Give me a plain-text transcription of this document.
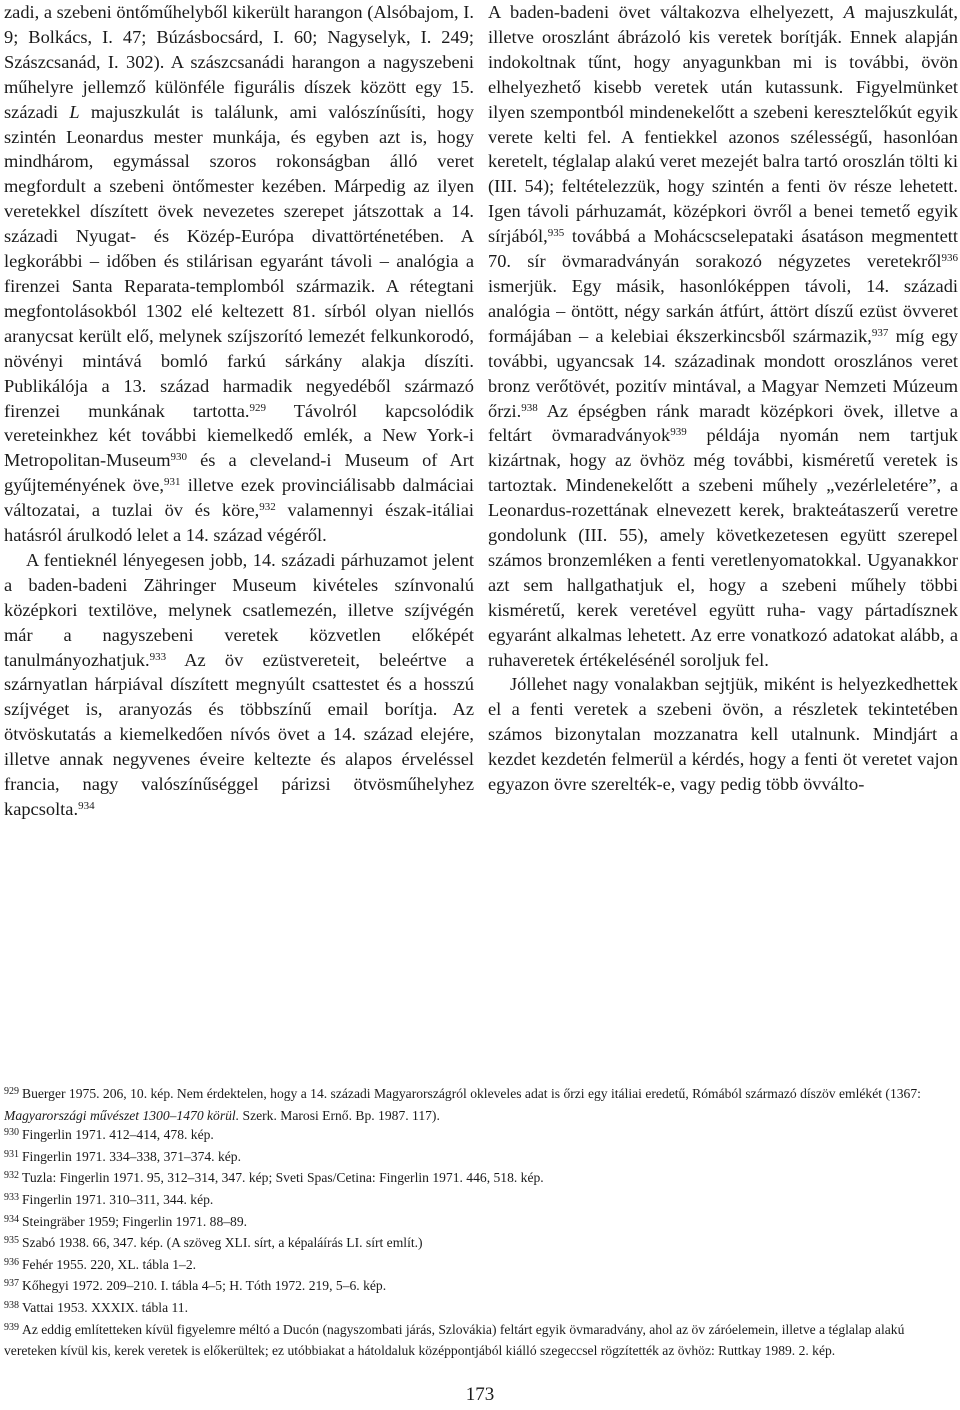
zadi, a szebeni öntőműhelyből kikerült harangon (Alsóbajom, I. 9; Bolkács, I. 47; Búzásbocsárd, I. 60; Nagyselyk, I. 249; Szászcsanád, I. 302). A szászcsanádi harangon a nagyszebeni műhelyre jellemző különféle figurális díszek között egy 15. századi L majuszkulát is találunk, ami valószínűsíti, hogy szintén Leonardus mester munkája, és egyben azt is, hogy mindhárom, egymással szoros rokonságban álló veret megfordult a szebeni öntőmester kezében. Márpedig az ilyen veretekkel díszített övek nevezetes szerepet játszottak a 14. századi Nyugat- és Közép-Európa divattörténetében. A legkorábbi – időben és stilárisan egyaránt távoli – analógia a firenzei Santa Reparata-templomból származik. A rétegtani megfontolásokból 1302 elé keltezett 81. sírból olyan niellós aranycsat került elő, melynek szíjszorító lemezét felkunkorodó, növényi mintává bomló farkú sárkány alakja díszíti. Publikálója a 13. század harmadik negyedéből származó firenzei munkának tartotta.$^{929}$ Távolról kapcsolódik vereteinkhez két további kiemelkedő emlék, a New York-i Metropolitan-Museum$^{930}$ és a cleveland-i Museum of Art gyűjteményének öve,$^{931}$ illetve ezek provinciálisabb dalmáciai változatai, a tuzlai öv és köre,$^{932}$ valamennyi észak-itáliai hatásról árulkodó lelet a 14. század végéről.

A fentieknél lényegesen jobb, 14. századi párhuzamot jelent a baden-badeni Zähringer Museum kivételes színvonalú középkori textilöve, melynek csatlemezén, illetve szíjvégén már a nagyszebeni veretek közvetlen előképét tanulmányozhatjuk.$^{933}$ Az öv ezüstvereteit, beleértve a szárnyatlan hárpiával díszített megnyúlt csattestet és a hosszú szíjvéget is, aranyozás és többszínű email borítja. Az ötvöskutatás a kiemelkedően nívós övet a 14. század elejére, illetve annak negyvenes éveire keltezte és alapos érveléssel francia, nagy valószínűséggel párizsi ötvösműhelyhez kapcsolta.$^{934}$

A baden-badeni övet váltakozva elhelyezett, A majuszkulát, illetve oroszlánt ábrázoló kis veretek borítják. Ennek alapján indokoltnak tűnt, hogy anyagunkban mi is további, övön elhelyezhető kisebb veretek után kutassunk. Figyelmünket ilyen szempontból mindenekelőtt a szebeni keresztelőkút egyik verete kelti fel. A fentiekkel azonos szélességű, hasonlóan keretelt, téglalap alakú veret mezejét balra tartó oroszlán tölti ki (III. 54); feltételezzük, hogy szintén a fenti öv része lehetett. Igen távoli párhuzamát, középkori övről a benei temető egyik sírjából,$^{935}$ továbbá a Mohácscselepataki ásatáson megmentett 70. sír övmaradványán sorakozó négyzetes veretekről$^{936}$ ismerjük. Egy másik, hasonlóképpen távoli, 14. századi analógia – öntött, négy sarkán átfúrt, áttört díszű ezüst övveret formájában – a kelebiai ékszerkincsből származik,$^{937}$ míg egy további, ugyancsak 14. századinak mondott oroszlános veret bronz verőtövét, pozitív mintával, a Magyar Nemzeti Múzeum őrzi.$^{938}$ Az épségben ránk maradt középkori övek, illetve a feltárt övmaradványok$^{939}$ példája nyomán nem tartjuk kizártnak, hogy az övhöz még további, kisméretű veretek is tartoztak. Mindenekelőtt a szebeni műhely „vezérleletére”, a Leonardus-rozettának elnevezett kerek, brakteátaszerű veretre gondolunk (III. 55), amely következetesen együtt szerepel számos bronzemléken a fenti veretlenyomatokkal. Ugyanakkor azt sem hallgathatjuk el, hogy a szebeni műhely többi kisméretű, kerek veretével együtt ruha- vagy pártadísznek egyaránt alkalmas lehetett. Az erre vonatkozó adatokat alább, a ruhaveretek értékelésénél soroljuk fel.

Jóllehet nagy vonalakban sejtjük, miként is helyezkedhettek el a fenti veretek a szebeni övön, a részletek tekintetében számos bizonytalan mozzanatra kell utalnunk. Mindjárt a kezdet kezdetén felmerül a kérdés, hogy a fenti öt veretet vajon egyazon övre szerelték-e, vagy pedig több övválto-

$^{929}$ Buerger 1975. 206, 10. kép. Nem érdektelen, hogy a 14. századi Magyarországról okleveles adat is őrzi egy itáliai eredetű, Rómából származó díszöv emlékét (1367: Magyarországi művészet 1300–1470 körül. Szerk. Marosi Ernő. Bp. 1987. 117).

$^{930}$ Fingerlin 1971. 412–414, 478. kép.

$^{931}$ Fingerlin 1971. 334–338, 371–374. kép.

$^{932}$ Tuzla: Fingerlin 1971. 95, 312–314, 347. kép; Sveti Spas/Cetina: Fingerlin 1971. 446, 518. kép.

$^{933}$ Fingerlin 1971. 310–311, 344. kép.

$^{934}$ Steingräber 1959; Fingerlin 1971. 88–89.

$^{935}$ Szabó 1938. 66, 347. kép. (A szöveg XLI. sírt, a képaláírás LI. sírt említ.)

$^{936}$ Fehér 1955. 220, XL. tábla 1–2.

$^{937}$ Kőhegyi 1972. 209–210. I. tábla 4–5; H. Tóth 1972. 219, 5–6. kép.

$^{938}$ Vattai 1953. XXXIX. tábla 11.

$^{939}$ Az eddig említetteken kívül figyelemre méltó a Ducón (nagyszombati járás, Szlovákia) feltárt egyik övmaradvány, ahol az öv záróelemein, illetve a téglalap alakú vereteken kívül kis, kerek veretek is előkerültek; ez utóbbiakat a hátoldaluk középpontjából kiálló szegeccsel rögzítették az övhöz: Ruttkay 1989. 2. kép.

173
